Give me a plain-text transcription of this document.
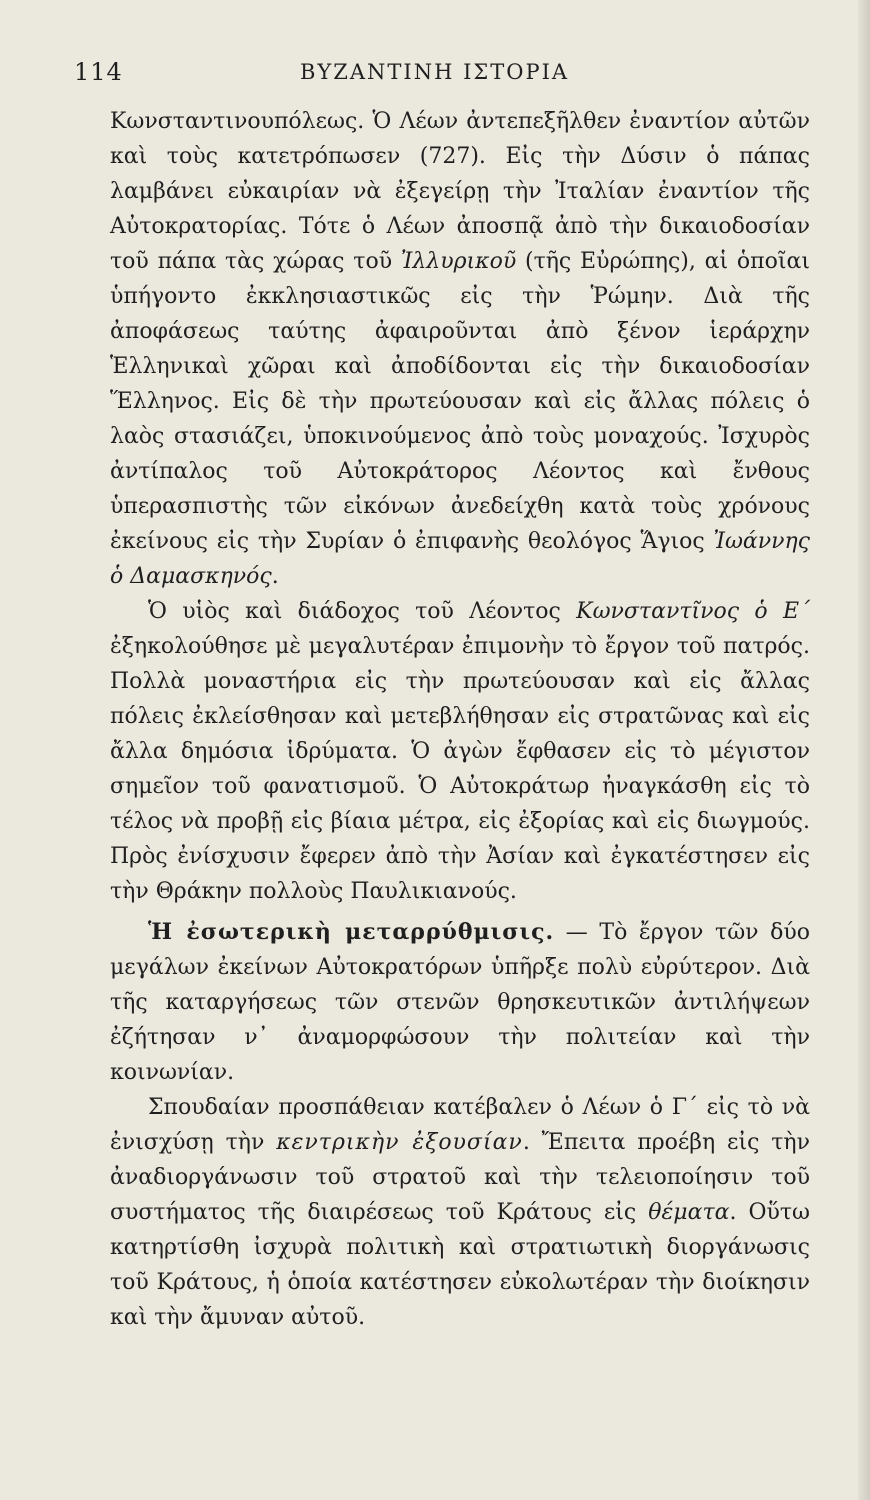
114	ΒΥΖΑΝΤΙΝΗ ΙΣΤΟΡΙΑ

Κωνσταντινουπόλεως. Ὁ Λέων ἀντεπεξῆλθεν ἐναντίον αὐτῶν καὶ τοὺς κατετρόπωσεν (727). Εἰς τὴν Δύσιν ὁ πάπας λαμβάνει εὐκαιρίαν νὰ ἐξεγείρῃ τὴν Ἰταλίαν ἐναντίον τῆς Αὐτοκρατορίας. Τότε ὁ Λέων ἀποσπᾷ ἀπὸ τὴν δικαιοδοσίαν τοῦ πάπα τὰς χώρας τοῦ Ἰλλυρικοῦ (τῆς Εὐρώπης), αἱ ὁποῖαι ὑπήγοντο ἐκκλησιαστικῶς εἰς τὴν Ῥώμην. Διὰ τῆς ἀποφάσεως ταύτης ἀφαιροῦνται ἀπὸ ξένον ἱεράρχην Ἑλληνικαὶ χῶραι καὶ ἀποδίδονται εἰς τὴν δικαιοδοσίαν Ἕλληνος. Εἰς δὲ τὴν πρωτεύουσαν καὶ εἰς ἄλλας πόλεις ὁ λαὸς στασιάζει, ὑποκινούμενος ἀπὸ τοὺς μοναχούς. Ἰσχυρὸς ἀντίπαλος τοῦ Αὐτοκράτορος Λέοντος καὶ ἔνθους ὑπερασπιστὴς τῶν εἰκόνων ἀνεδείχθη κατὰ τοὺς χρόνους ἐκείνους εἰς τὴν Συρίαν ὁ ἐπιφανὴς θεολόγος Ἅγιος Ἰωάννης ὁ Δαμασκηνός.

Ὁ υἱὸς καὶ διάδοχος τοῦ Λέοντος Κωνσταντῖνος ὁ Ε΄ ἐξηκολούθησε μὲ μεγαλυτέραν ἐπιμονὴν τὸ ἔργον τοῦ πατρός. Πολλὰ μοναστήρια εἰς τὴν πρωτεύουσαν καὶ εἰς ἄλλας πόλεις ἐκλείσθησαν καὶ μετεβλήθησαν εἰς στρατῶνας καὶ εἰς ἄλλα δημόσια ἱδρύματα. Ὁ ἀγὼν ἔφθασεν εἰς τὸ μέγιστον σημεῖον τοῦ φανατισμοῦ. Ὁ Αὐτοκράτωρ ἠναγκάσθη εἰς τὸ τέλος νὰ προβῇ εἰς βίαια μέτρα, εἰς ἐξορίας καὶ εἰς διωγμούς. Πρὸς ἐνίσχυσιν ἔφερεν ἀπὸ τὴν Ἀσίαν καὶ ἐγκατέστησεν εἰς τὴν Θράκην πολλοὺς Παυλικιανούς.

Ἡ ἐσωτερικὴ μεταρρύθμισις. — Τὸ ἔργον τῶν δύο μεγάλων ἐκείνων Αὐτοκρατόρων ὑπῆρξε πολὺ εὐρύτερον. Διὰ τῆς καταργήσεως τῶν στενῶν θρησκευτικῶν ἀντιλήψεων ἐζήτησαν ν᾿ ἀναμορφώσουν τὴν πολιτείαν καὶ τὴν κοινωνίαν.

Σπουδαίαν προσπάθειαν κατέβαλεν ὁ Λέων ὁ Γ΄ εἰς τὸ νὰ ἐνισχύσῃ τὴν κεντρικὴν ἐξουσίαν. Ἔπειτα προέβη εἰς τὴν ἀναδιοργάνωσιν τοῦ στρατοῦ καὶ τὴν τελειοποίησιν τοῦ συστήματος τῆς διαιρέσεως τοῦ Κράτους εἰς θέματα. Οὕτω κατηρτίσθη ἰσχυρὰ πολιτικὴ καὶ στρατιωτικὴ διοργάνωσις τοῦ Κράτους, ἡ ὁποία κατέστησεν εὐκολωτέραν τὴν διοίκησιν καὶ τὴν ἄμυναν αὐτοῦ.
